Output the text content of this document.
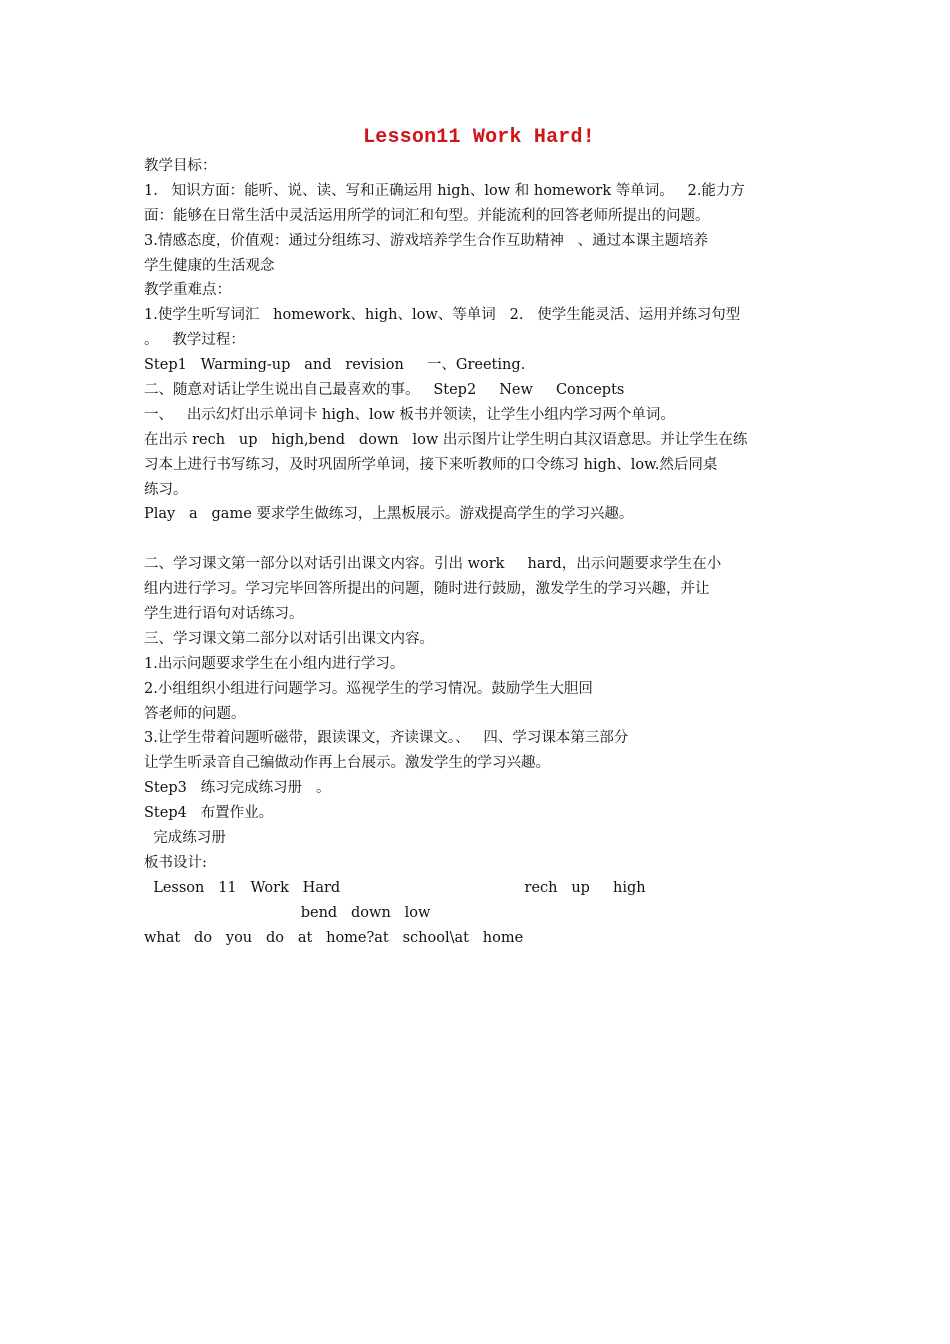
Lesson11 Work Hard!

教学目标：

1.   知识方面：能听、说、读、写和正确运用 high、low 和 homework 等单词。   2.能力方

面：能够在日常生活中灵活运用所学的词汇和句型。并能流利的回答老师所提出的问题。

3.情感态度，价值观：通过分组练习、游戏培养学生合作互助精神   、通过本课主题培养

学生健康的生活观念

教学重难点：

1.使学生听写词汇   homework、high、low、等单词   2.   使学生能灵活、运用并练习句型

。   教学过程：

Step1   Warming-up   and   revision     一、Greeting.

二、随意对话让学生说出自己最喜欢的事。   Step2     New     Concepts

一、   出示幻灯出示单词卡 high、low 板书并领读，让学生小组内学习两个单词。

在出示 rech   up   high,bend   down   low 出示图片让学生明白其汉语意思。并让学生在练

习本上进行书写练习，及时巩固所学单词，接下来听教师的口令练习 high、low.然后同桌

练习。

Play   a   game 要求学生做练习，上黑板展示。游戏提高学生的学习兴趣。

二、学习课文第一部分以对话引出课文内容。引出 work     hard，出示问题要求学生在小

组内进行学习。学习完毕回答所提出的问题，随时进行鼓励，激发学生的学习兴趣，并让

学生进行语句对话练习。

三、学习课文第二部分以对话引出课文内容。

1.出示问题要求学生在小组内进行学习。

2.小组组织小组进行问题学习。巡视学生的学习情况。鼓励学生大胆回

答老师的问题。

3.让学生带着问题听磁带，跟读课文，齐读课文。、   四、学习课本第三部分

让学生听录音自己编做动作再上台展示。激发学生的学习兴趣。

Step3   练习完成练习册   。

Step4   布置作业。

完成练习册

板书设计:

Lesson   11   Work   Hard                                        rech   up     high

bend   down   low

what   do   you   do   at   home?at   school\at   home
